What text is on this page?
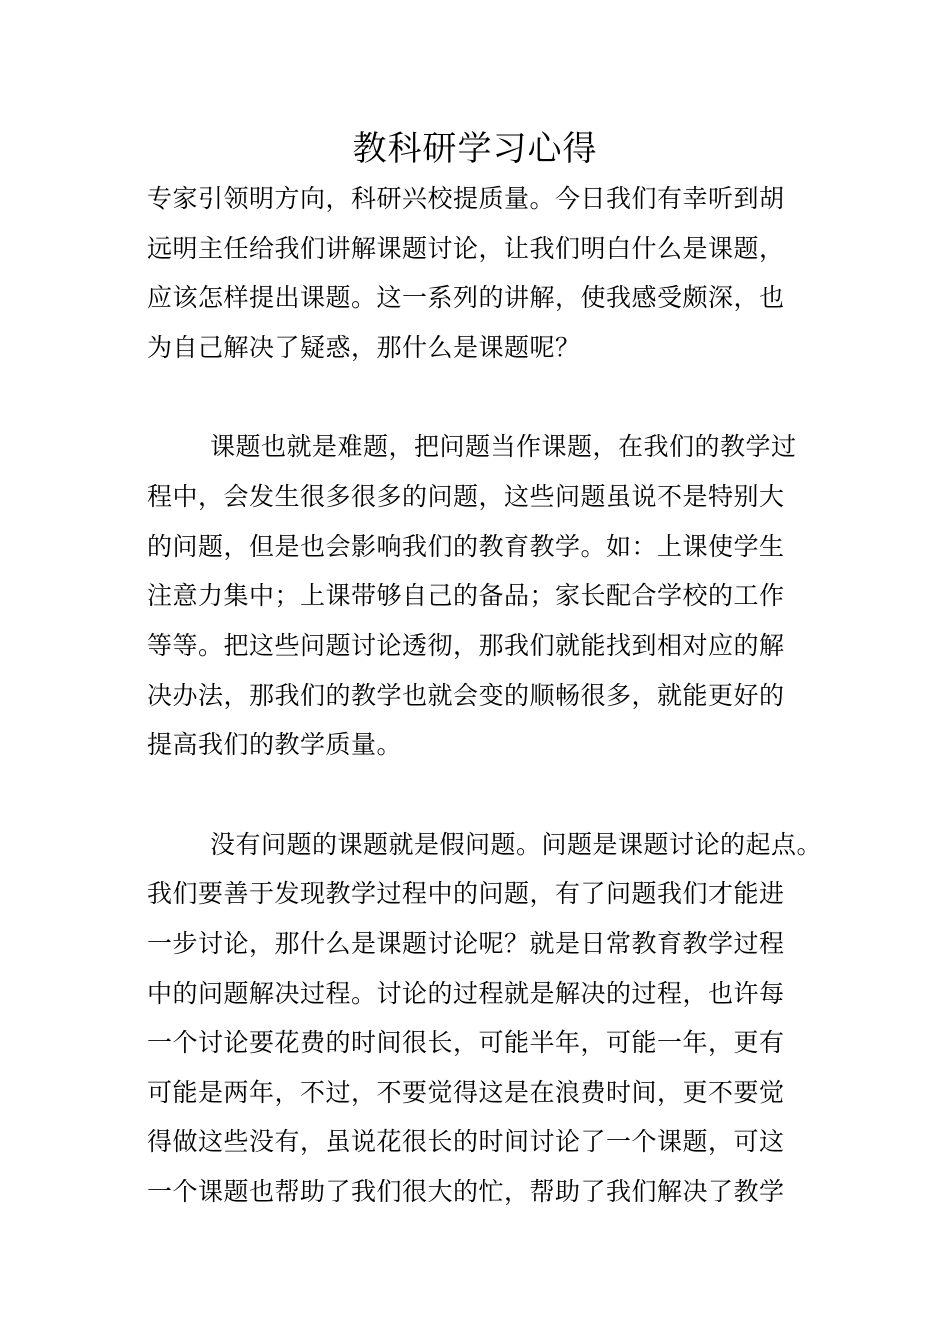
教科研学习心得
专家引领明方向，科研兴校提质量。今日我们有幸听到胡
远明主任给我们讲解课题讨论，让我们明白什么是课题，
应该怎样提出课题。这一系列的讲解，使我感受颇深，也
为自己解决了疑惑，那什么是课题呢？
课题也就是难题，把问题当作课题，在我们的教学过
程中，会发生很多很多的问题，这些问题虽说不是特别大
的问题，但是也会影响我们的教育教学。如：上课使学生
注意力集中；上课带够自己的备品；家长配合学校的工作
等等。把这些问题讨论透彻，那我们就能找到相对应的解
决办法，那我们的教学也就会变的顺畅很多，就能更好的
提高我们的教学质量。
没有问题的课题就是假问题。问题是课题讨论的起点。
我们要善于发现教学过程中的问题，有了问题我们才能进
一步讨论，那什么是课题讨论呢？就是日常教育教学过程
中的问题解决过程。讨论的过程就是解决的过程，也许每
一个讨论要花费的时间很长，可能半年，可能一年，更有
可能是两年，不过，不要觉得这是在浪费时间，更不要觉
得做这些没有，虽说花很长的时间讨论了一个课题，可这
一个课题也帮助了我们很大的忙，帮助了我们解决了教学
